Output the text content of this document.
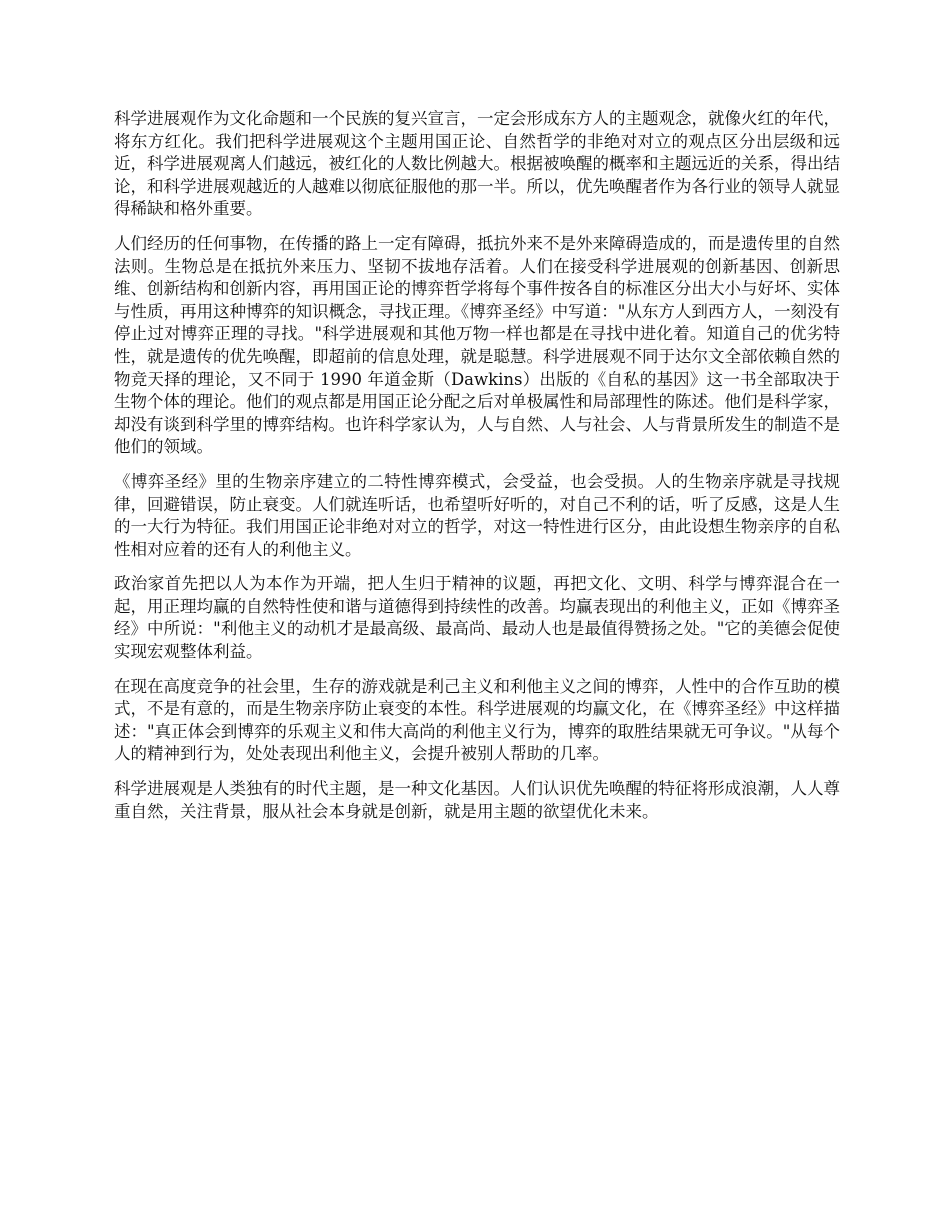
科学进展观作为文化命题和一个民族的复兴宣言，一定会形成东方人的主题观念，就像火红的年代，将东方红化。我们把科学进展观这个主题用国正论、自然哲学的非绝对对立的观点区分出层级和远近，科学进展观离人们越远，被红化的人数比例越大。根据被唤醒的概率和主题远近的关系，得出结论，和科学进展观越近的人越难以彻底征服他的那一半。所以，优先唤醒者作为各行业的领导人就显得稀缺和格外重要。

人们经历的任何事物，在传播的路上一定有障碍，抵抗外来不是外来障碍造成的，而是遗传里的自然法则。生物总是在抵抗外来压力、坚韧不拔地存活着。人们在接受科学进展观的创新基因、创新思维、创新结构和创新内容，再用国正论的博弈哲学将每个事件按各自的标准区分出大小与好坏、实体与性质，再用这种博弈的知识概念，寻找正理。《博弈圣经》中写道："从东方人到西方人，一刻没有停止过对博弈正理的寻找。"科学进展观和其他万物一样也都是在寻找中进化着。知道自己的优劣特性，就是遗传的优先唤醒，即超前的信息处理，就是聪慧。科学进展观不同于达尔文全部依赖自然的物竞天择的理论，又不同于 1990 年道金斯（Dawkins）出版的《自私的基因》这一书全部取决于生物个体的理论。他们的观点都是用国正论分配之后对单极属性和局部理性的陈述。他们是科学家，却没有谈到科学里的博弈结构。也许科学家认为，人与自然、人与社会、人与背景所发生的制造不是他们的领域。

《博弈圣经》里的生物亲序建立的二特性博弈模式，会受益，也会受损。人的生物亲序就是寻找规律，回避错误，防止衰变。人们就连听话，也希望听好听的，对自己不利的话，听了反感，这是人生的一大行为特征。我们用国正论非绝对对立的哲学，对这一特性进行区分，由此设想生物亲序的自私性相对应着的还有人的利他主义。

政治家首先把以人为本作为开端，把人生归于精神的议题，再把文化、文明、科学与博弈混合在一起，用正理均赢的自然特性使和谐与道德得到持续性的改善。均赢表现出的利他主义，正如《博弈圣经》中所说："利他主义的动机才是最高级、最高尚、最动人也是最值得赞扬之处。"它的美德会促使实现宏观整体利益。

在现在高度竞争的社会里，生存的游戏就是利己主义和利他主义之间的博弈，人性中的合作互助的模式，不是有意的，而是生物亲序防止衰变的本性。科学进展观的均赢文化，在《博弈圣经》中这样描述："真正体会到博弈的乐观主义和伟大高尚的利他主义行为，博弈的取胜结果就无可争议。"从每个人的精神到行为，处处表现出利他主义，会提升被别人帮助的几率。

科学进展观是人类独有的时代主题，是一种文化基因。人们认识优先唤醒的特征将形成浪潮，人人尊重自然，关注背景，服从社会本身就是创新，就是用主题的欲望优化未来。
